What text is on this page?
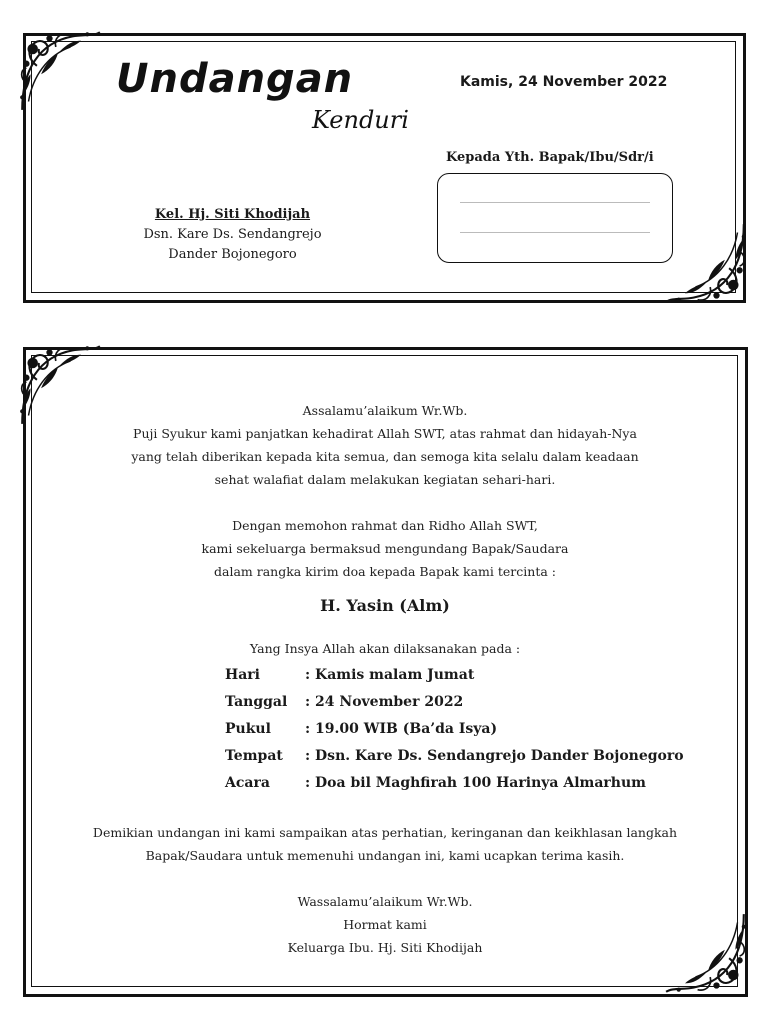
Undangan

Kenduri

Kamis, 24 November 2022
Kepada Yth. Bapak/Ibu/Sdr/i
Kel. Hj. Siti Khodijah
Dsn. Kare Ds. Sendangrejo
Dander Bojonegoro
Assalamu’alaikum Wr.Wb.
Puji Syukur kami panjatkan kehadirat Allah SWT, atas rahmat dan hidayah-Nya
yang telah diberikan kepada kita semua, dan semoga kita selalu dalam keadaan
sehat walafiat dalam melakukan kegiatan sehari-hari.
Dengan memohon rahmat dan Ridho Allah SWT,
kami sekeluarga bermaksud mengundang Bapak/Saudara
dalam rangka kirim doa kepada Bapak kami tercinta :
H. Yasin (Alm)
Yang Insya Allah akan dilaksanakan pada :
Hari	: Kamis malam Jumat
Tanggal	: 24 November 2022
Pukul	: 19.00 WIB (Ba’da Isya)
Tempat	: Dsn. Kare Ds. Sendangrejo Dander Bojonegoro
Acara	: Doa bil Maghfirah 100 Harinya Almarhum
Demikian undangan ini kami sampaikan atas perhatian, keringanan dan keikhlasan langkah
Bapak/Saudara untuk memenuhi undangan ini, kami ucapkan terima kasih.
Wassalamu’alaikum Wr.Wb.
Hormat kami
Keluarga Ibu. Hj. Siti Khodijah
